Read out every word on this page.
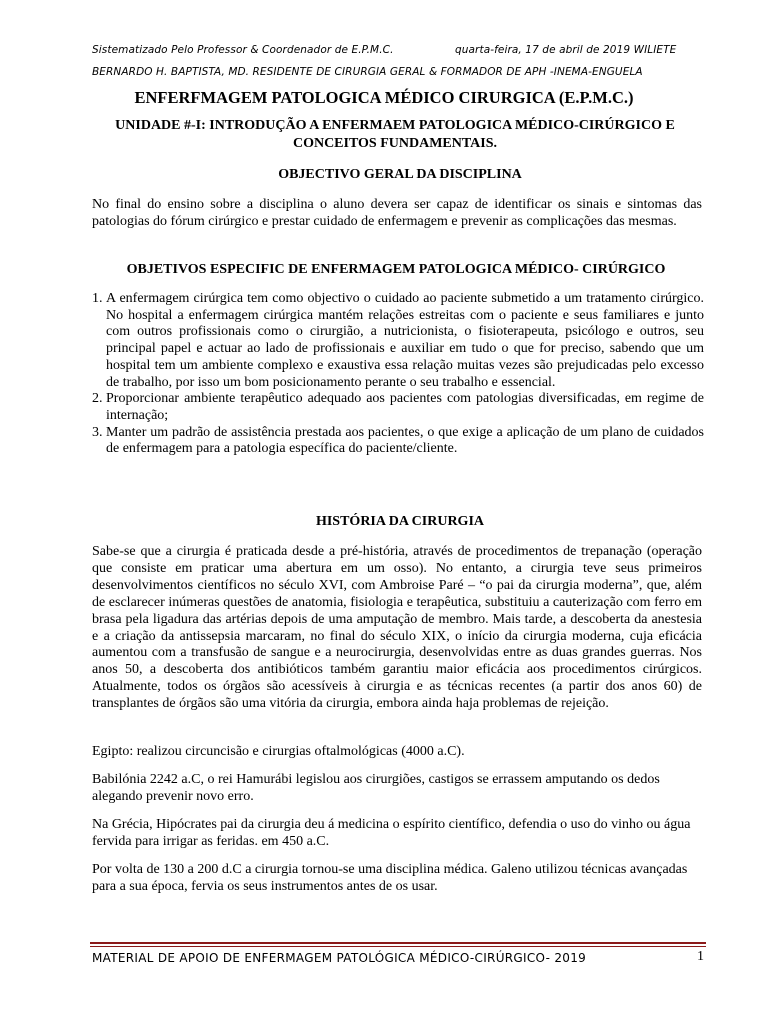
Sistematizado Pelo Professor & Coordenador de E.P.M.C.	quarta-feira, 17 de abril de 2019 WILIETE
BERNARDO H. BAPTISTA, MD. RESIDENTE DE CIRURGIA GERAL & FORMADOR DE APH -INEMA-ENGUELA
ENFERFMAGEM PATOLOGICA MÉDICO CIRURGICA (E.P.M.C.)
UNIDADE #-I: INTRODUÇÃO A ENFERMAEM PATOLOGICA MÉDICO-CIRÚRGICO E CONCEITOS FUNDAMENTAIS.
OBJECTIVO GERAL DA DISCIPLINA
No final do ensino sobre a disciplina o aluno devera ser capaz de identificar os sinais e sintomas das patologias do fórum cirúrgico e prestar cuidado de enfermagem e prevenir as complicações das mesmas.
OBJETIVOS ESPECIFIC DE ENFERMAGEM PATOLOGICA MÉDICO- CIRÚRGICO
1. A enfermagem cirúrgica tem como objectivo o cuidado ao paciente submetido a um tratamento cirúrgico. No hospital a enfermagem cirúrgica mantém relações estreitas com o paciente e seus familiares e junto com outros profissionais como o cirurgião, a nutricionista, o fisioterapeuta, psicólogo e outros, seu principal papel e actuar ao lado de profissionais e auxiliar em tudo o que for preciso, sabendo que um hospital tem um ambiente complexo e exaustiva essa relação muitas vezes são prejudicadas pelo excesso de trabalho, por isso um bom posicionamento perante o seu trabalho e essencial.
2. Proporcionar ambiente terapêutico adequado aos pacientes com patologias diversificadas, em regime de internação;
3. Manter um padrão de assistência prestada aos pacientes, o que exige a aplicação de um plano de cuidados de enfermagem para a patologia específica do paciente/cliente.
HISTÓRIA DA CIRURGIA
Sabe-se que a cirurgia é praticada desde a pré-história, através de procedimentos de trepanação (operação que consiste em praticar uma abertura em um osso). No entanto, a cirurgia teve seus primeiros desenvolvimentos científicos no século XVI, com Ambroise Paré – “o pai da cirurgia moderna”, que, além de esclarecer inúmeras questões de anatomia, fisiologia e terapêutica, substituiu a cauterização com ferro em brasa pela ligadura das artérias depois de uma amputação de membro. Mais tarde, a descoberta da anestesia e a criação da antissepsia marcaram, no final do século XIX, o início da cirurgia moderna, cuja eficácia aumentou com a transfusão de sangue e a neurocirurgia, desenvolvidas entre as duas grandes guerras. Nos anos 50, a descoberta dos antibióticos também garantiu maior eficácia aos procedimentos cirúrgicos. Atualmente, todos os órgãos são acessíveis à cirurgia e as técnicas recentes (a partir dos anos 60) de transplantes de órgãos são uma vitória da cirurgia, embora ainda haja problemas de rejeição.
Egipto: realizou circuncisão e cirurgias oftalmológicas (4000 a.C).
Babilónia 2242 a.C, o rei Hamurábi legislou aos cirurgiões, castigos se errassem amputando os dedos alegando prevenir novo erro.
Na Grécia, Hipócrates pai da cirurgia deu á medicina o espírito científico, defendia o uso do vinho ou água fervida para irrigar as feridas. em 450 a.C.
Por volta de 130 a 200 d.C a cirurgia tornou-se uma disciplina médica. Galeno utilizou técnicas avançadas para a sua época, fervia os seus instrumentos antes de os usar.
MATERIAL DE APOIO DE ENFERMAGEM PATOLÓGICA MÉDICO-CIRÚRGICO- 2019	1
